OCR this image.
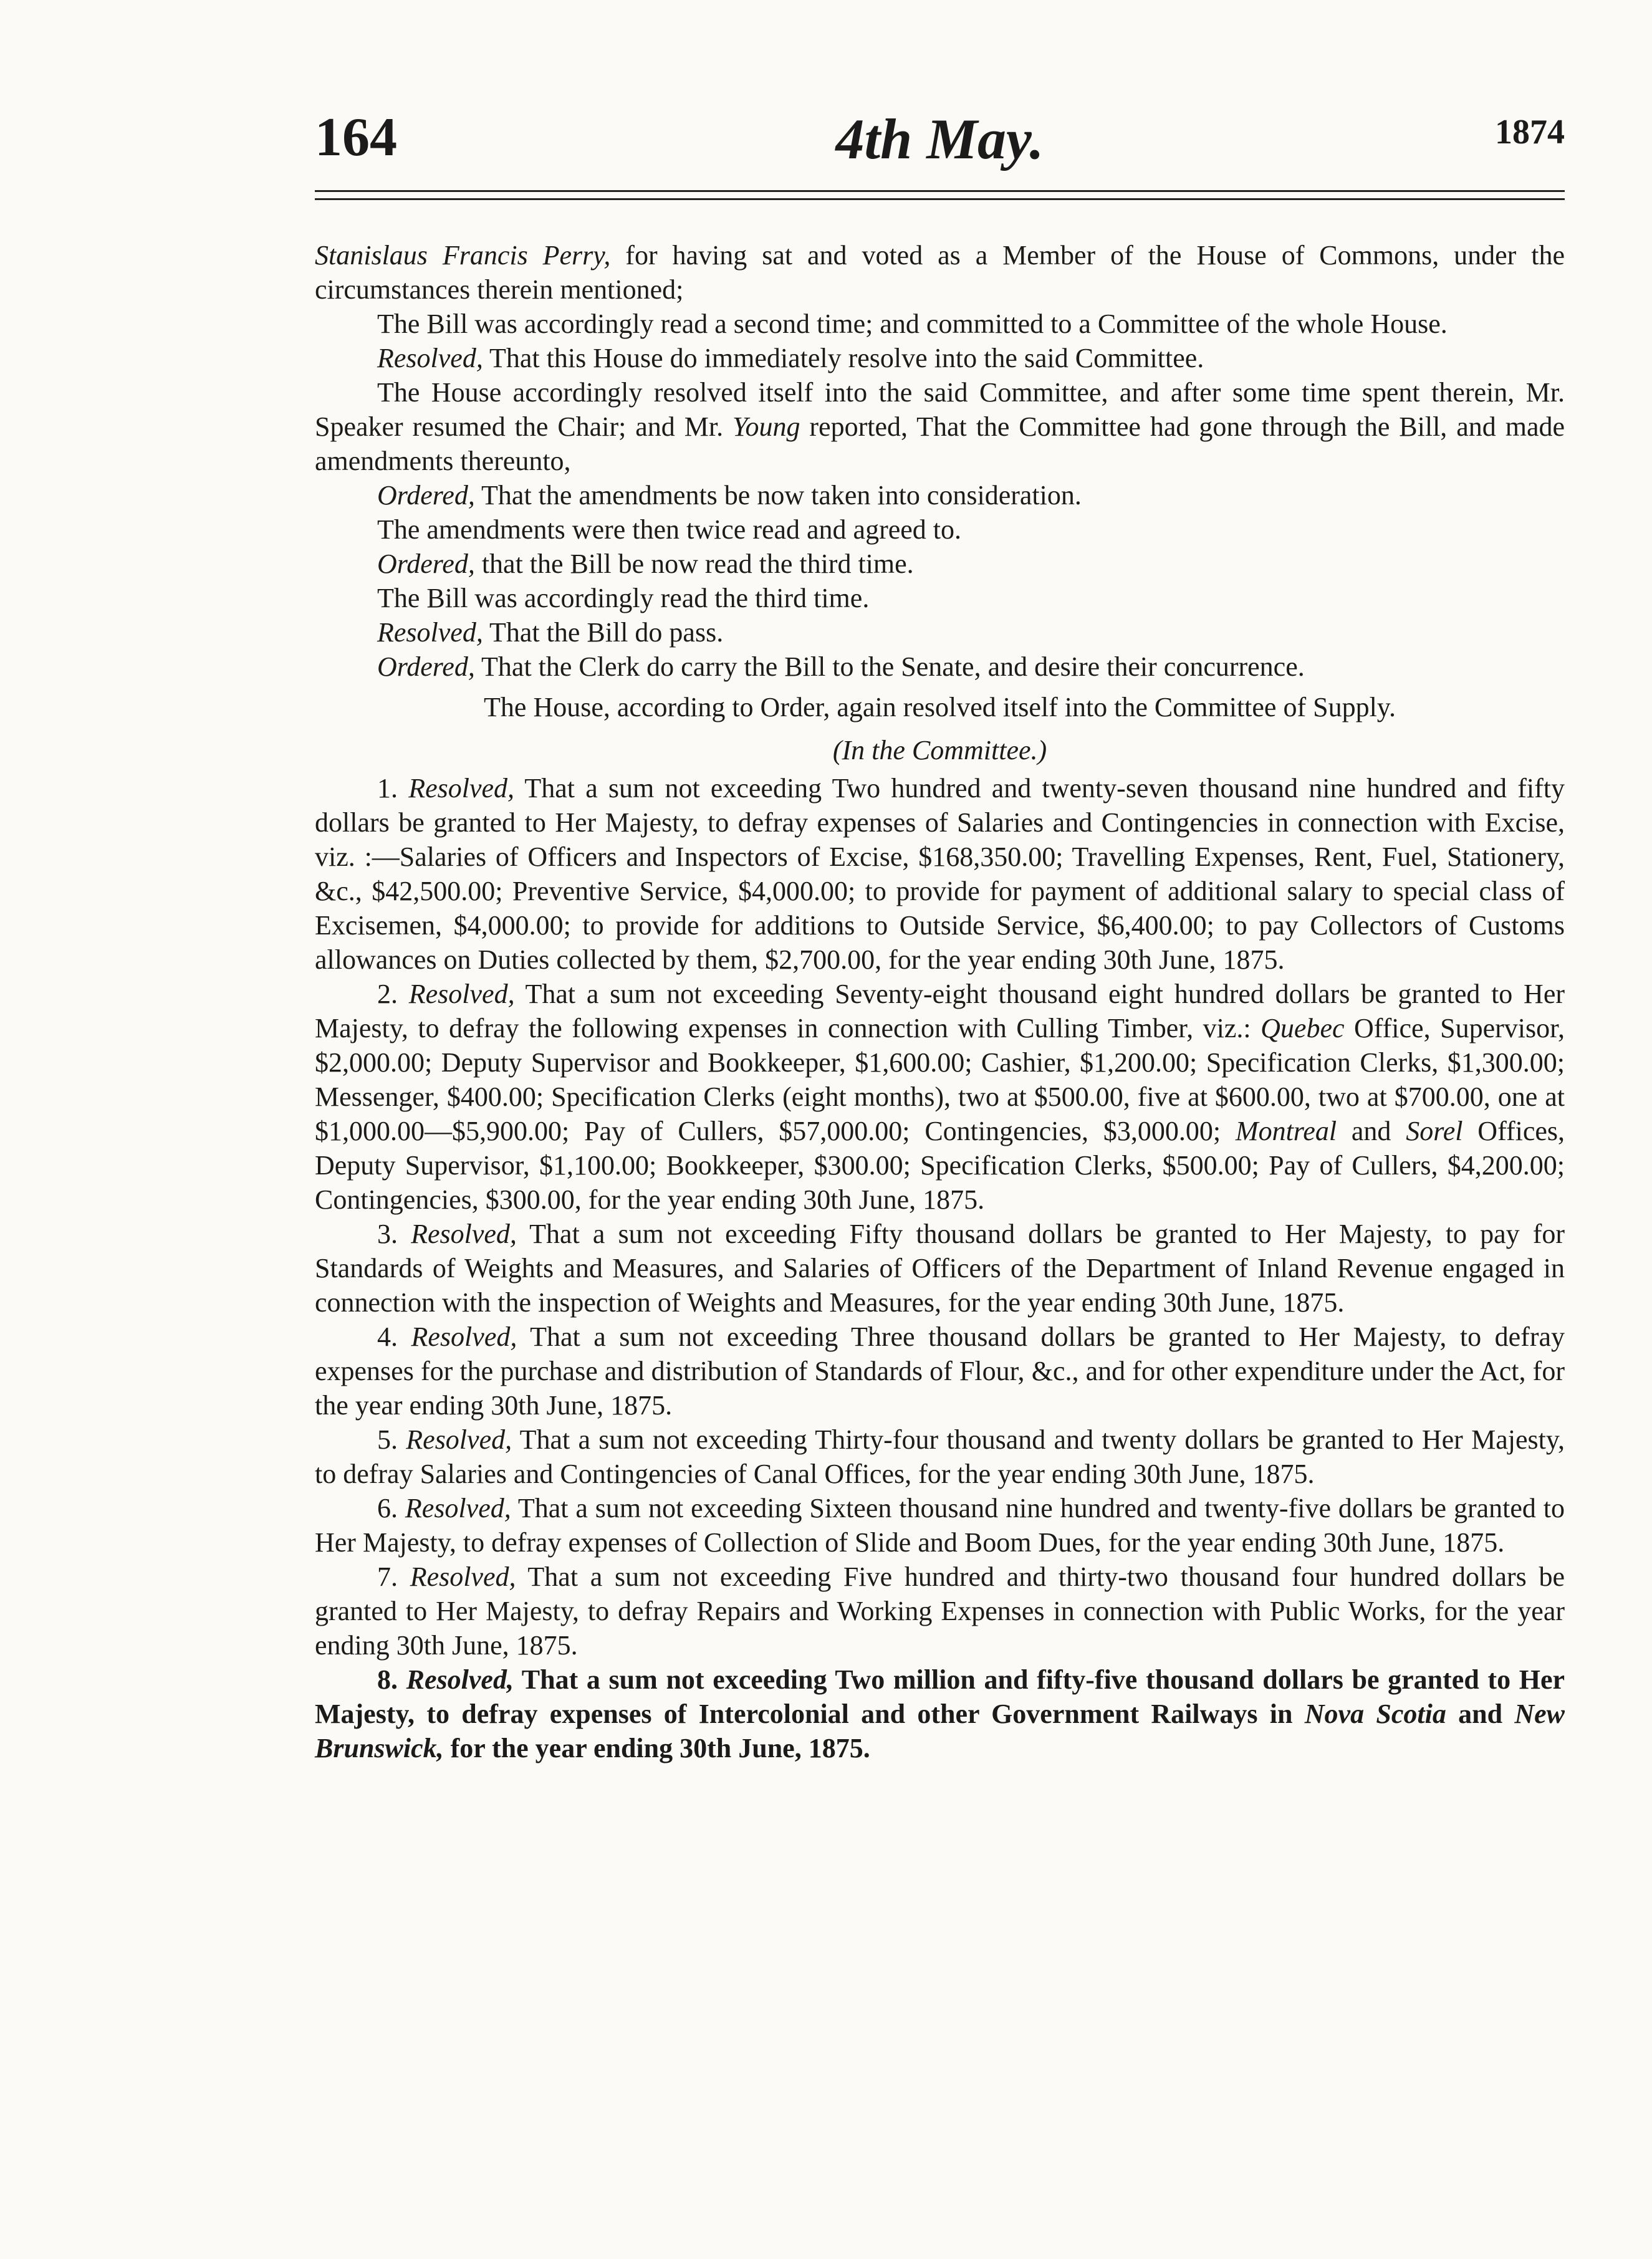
164	4th May.	1874

Stanislaus Francis Perry, for having sat and voted as a Member of the House of Commons, under the circumstances therein mentioned;

The Bill was accordingly read a second time; and committed to a Committee of the whole House.

Resolved, That this House do immediately resolve into the said Committee.

The House accordingly resolved itself into the said Committee, and after some time spent therein, Mr. Speaker resumed the Chair; and Mr. Young reported, That the Committee had gone through the Bill, and made amendments thereunto,

Ordered, That the amendments be now taken into consideration.

The amendments were then twice read and agreed to.

Ordered, that the Bill be now read the third time.

The Bill was accordingly read the third time.

Resolved, That the Bill do pass.

Ordered, That the Clerk do carry the Bill to the Senate, and desire their concurrence.

The House, according to Order, again resolved itself into the Committee of Supply.

(In the Committee.)

1. Resolved, That a sum not exceeding Two hundred and twenty-seven thousand nine hundred and fifty dollars be granted to Her Majesty, to defray expenses of Salaries and Contingencies in connection with Excise, viz. :—Salaries of Officers and Inspectors of Excise, $168,350.00; Travelling Expenses, Rent, Fuel, Stationery, &c., $42,500.00; Preventive Service, $4,000.00; to provide for payment of additional salary to special class of Excisemen, $4,000.00; to provide for additions to Outside Service, $6,400.00; to pay Collectors of Customs allowances on Duties collected by them, $2,700.00, for the year ending 30th June, 1875.

2. Resolved, That a sum not exceeding Seventy-eight thousand eight hundred dollars be granted to Her Majesty, to defray the following expenses in connection with Culling Timber, viz.: Quebec Office, Supervisor, $2,000.00; Deputy Supervisor and Bookkeeper, $1,600.00; Cashier, $1,200.00; Specification Clerks, $1,300.00; Messenger, $400.00; Specification Clerks (eight months), two at $500.00, five at $600.00, two at $700.00, one at $1,000.00—$5,900.00; Pay of Cullers, $57,000.00; Contingencies, $3,000.00; Montreal and Sorel Offices, Deputy Supervisor, $1,100.00; Bookkeeper, $300.00; Specification Clerks, $500.00; Pay of Cullers, $4,200.00; Contingencies, $300.00, for the year ending 30th June, 1875.

3. Resolved, That a sum not exceeding Fifty thousand dollars be granted to Her Majesty, to pay for Standards of Weights and Measures, and Salaries of Officers of the Department of Inland Revenue engaged in connection with the inspection of Weights and Measures, for the year ending 30th June, 1875.

4. Resolved, That a sum not exceeding Three thousand dollars be granted to Her Majesty, to defray expenses for the purchase and distribution of Standards of Flour, &c., and for other expenditure under the Act, for the year ending 30th June, 1875.

5. Resolved, That a sum not exceeding Thirty-four thousand and twenty dollars be granted to Her Majesty, to defray Salaries and Contingencies of Canal Offices, for the year ending 30th June, 1875.

6. Resolved, That a sum not exceeding Sixteen thousand nine hundred and twenty-five dollars be granted to Her Majesty, to defray expenses of Collection of Slide and Boom Dues, for the year ending 30th June, 1875.

7. Resolved, That a sum not exceeding Five hundred and thirty-two thousand four hundred dollars be granted to Her Majesty, to defray Repairs and Working Expenses in connection with Public Works, for the year ending 30th June, 1875.

8. Resolved, That a sum not exceeding Two million and fifty-five thousand dollars be granted to Her Majesty, to defray expenses of Intercolonial and other Government Railways in Nova Scotia and New Brunswick, for the year ending 30th June, 1875.
